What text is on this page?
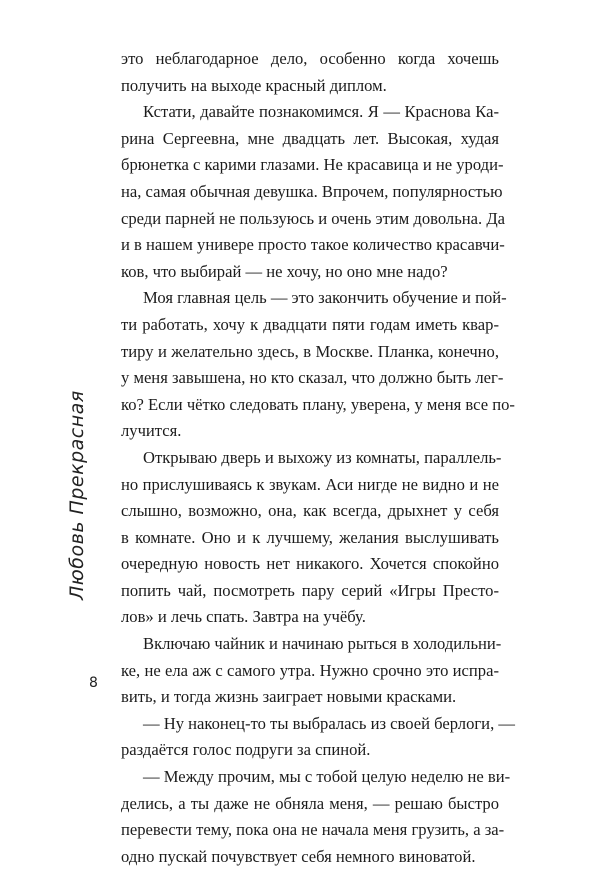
это неблагодарное дело, особенно когда хочешь
получить на выходе красный диплом.
Кстати, давайте познакомимся. Я — Краснова Ка-
рина Сергеевна, мне двадцать лет. Высокая, худая
брюнетка с карими глазами. Не красавица и не уроди-
на, самая обычная девушка. Впрочем, популярностью
среди парней не пользуюсь и очень этим довольна. Да
и в нашем универе просто такое количество красавчи-
ков, что выбирай — не хочу, но оно мне надо?
Моя главная цель — это закончить обучение и пой-
ти работать, хочу к двадцати пяти годам иметь квар-
тиру и желательно здесь, в Москве. Планка, конечно,
у меня завышена, но кто сказал, что должно быть лег-
ко? Если чётко следовать плану, уверена, у меня все по-
лучится.
Открываю дверь и выхожу из комнаты, параллель-
но прислушиваясь к звукам. Аси нигде не видно и не
слышно, возможно, она, как всегда, дрыхнет у себя
в комнате. Оно и к лучшему, желания выслушивать
очередную новость нет никакого. Хочется спокойно
попить чай, посмотреть пару серий «Игры Престо-
лов» и лечь спать. Завтра на учёбу.
Включаю чайник и начинаю рыться в холодильни-
ке, не ела аж с самого утра. Нужно срочно это испра-
вить, и тогда жизнь заиграет новыми красками.
— Ну наконец-то ты выбралась из своей берлоги, —
раздаётся голос подруги за спиной.
— Между прочим, мы с тобой целую неделю не ви-
делись, а ты даже не обняла меня, — решаю быстро
перевести тему, пока она не начала меня грузить, а за-
одно пускай почувствует себя немного виноватой.
Любовь Прекрасная
8
